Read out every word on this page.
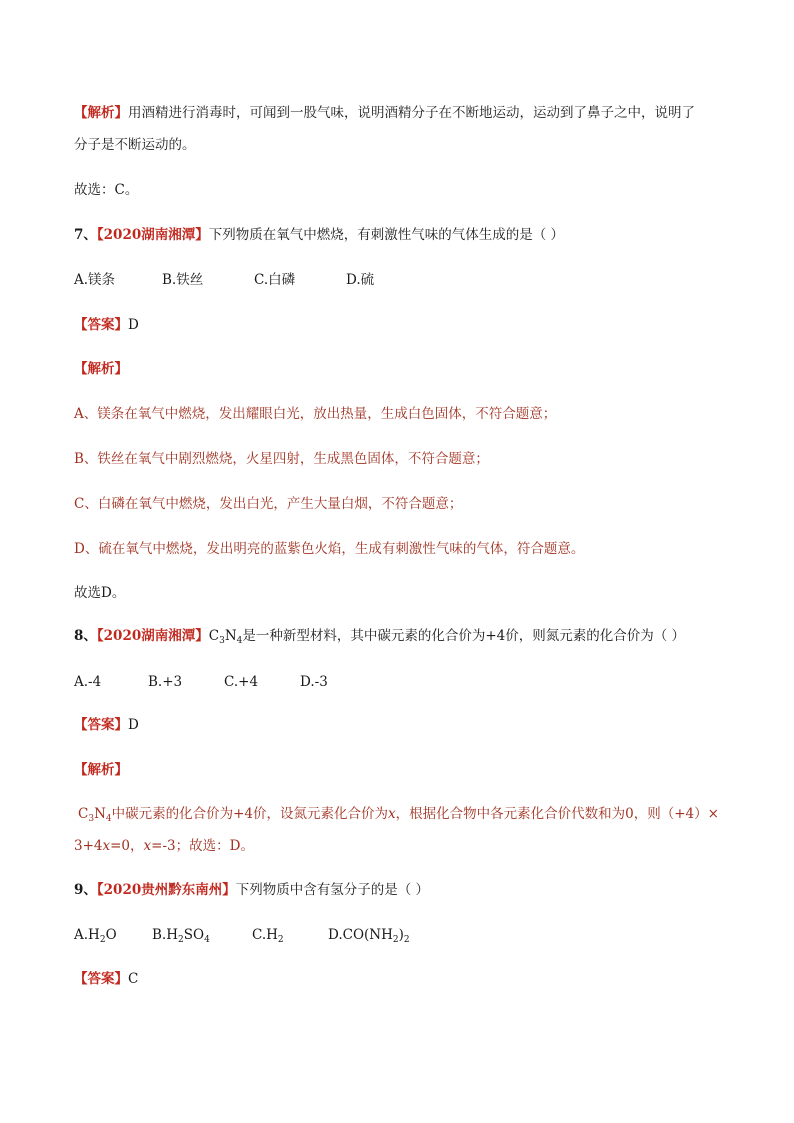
【解析】用酒精进行消毒时，可闻到一股气味，说明酒精分子在不断地运动，运动到了鼻子之中，说明了
分子是不断运动的。
故选：C。
7、【2020湖南湘潭】下列物质在氧气中燃烧，有刺激性气味的气体生成的是（ ）
A.镁条	B.铁丝	C.白磷	D.硫
【答案】D
【解析】
A、镁条在氧气中燃烧，发出耀眼白光，放出热量，生成白色固体，不符合题意；
B、铁丝在氧气中剧烈燃烧，火星四射，生成黑色固体，不符合题意；
C、白磷在氧气中燃烧，发出白光，产生大量白烟，不符合题意；
D、硫在氧气中燃烧，发出明亮的蓝紫色火焰，生成有刺激性气味的气体，符合题意。
故选D。
8、【2020湖南湘潭】$C_3N_4$是一种新型材料，其中碳元素的化合价为+4价，则氮元素的化合价为（ ）
A.-4	B.+3	C.+4	D.-3
【答案】D
【解析】
$C_3N_4$中碳元素的化合价为+4价，设氮元素化合价为x，根据化合物中各元素化合价代数和为0，则（+4）×
3+4x=0，x=-3；故选：D。
9、【2020贵州黔东南州】下列物质中含有氢分子的是（ ）
$A.H_2O$	$B.H_2SO_4$	$C.H_2$	$D.CO(NH_2)_2$
【答案】C
